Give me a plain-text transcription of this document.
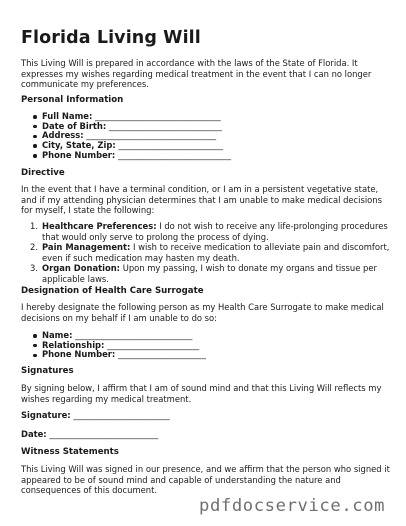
Florida Living Will

This Living Will is prepared in accordance with the laws of the State of Florida. It expresses my wishes regarding medical treatment in the event that I can no longer communicate my preferences.

Personal Information
Full Name: ______________________________
Date of Birth: ___________________________
Address: _______________________________
City, State, Zip: _________________________
Phone Number: ___________________________
Directive

In the event that I have a terminal condition, or I am in a persistent vegetative state, and if my attending physician determines that I am unable to make medical decisions for myself, I state the following:

1. Healthcare Preferences: I do not wish to receive any life-prolonging procedures that would only serve to prolong the process of dying.
2. Pain Management: I wish to receive medication to alleviate pain and discomfort, even if such medication may hasten my death.
3. Organ Donation: Upon my passing, I wish to donate my organs and tissue per applicable laws.
Designation of Health Care Surrogate

I hereby designate the following person as my Health Care Surrogate to make medical decisions on my behalf if I am unable to do so:

Name: ____________________________
Relationship: ______________________
Phone Number: _____________________
Signatures

By signing below, I affirm that I am of sound mind and that this Living Will reflects my wishes regarding my medical treatment.

Signature: _______________________
Date: __________________________
Witness Statements

This Living Will was signed in our presence, and we affirm that the person who signed it appeared to be of sound mind and capable of understanding the nature and consequences of this document.

pdfdocservice.com
